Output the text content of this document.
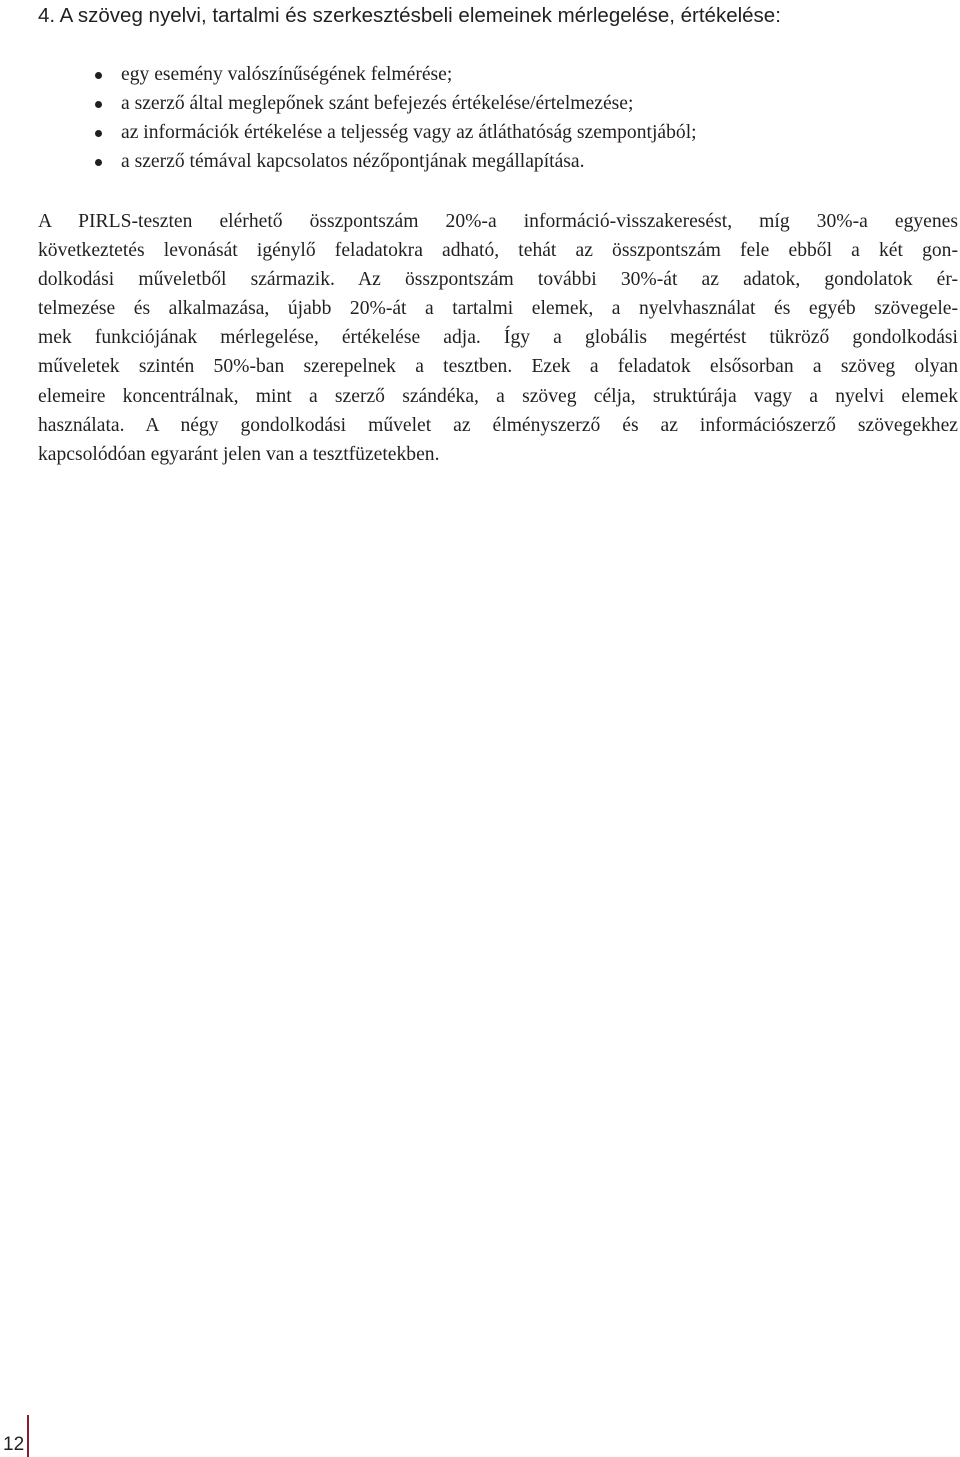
4. A szöveg nyelvi, tartalmi és szerkesztésbeli elemeinek mérlegelése, értékelése:
egy esemény valószínűségének felmérése;
a szerző által meglepőnek szánt befejezés értékelése/értelmezése;
az információk értékelése a teljesség vagy az átláthatóság szempontjából;
a szerző témával kapcsolatos nézőpontjának megállapítása.

A PIRLS-teszten elérhető összpontszám 20%-a információ-visszakeresést, míg 30%-a egyenes
következtetés levonását igénylő feladatokra adható, tehát az összpontszám fele ebből a két gon-
dolkodási műveletből származik. Az összpontszám további 30%-át az adatok, gondolatok ér-
telmezése és alkalmazása, újabb 20%-át a tartalmi elemek, a nyelvhasználat és egyéb szövegele-
mek funkciójának mérlegelése, értékelése adja. Így a globális megértést tükröző gondolkodási
műveletek szintén 50%-ban szerepelnek a tesztben. Ezek a feladatok elsősorban a szöveg olyan
elemeire koncentrálnak, mint a szerző szándéka, a szöveg célja, struktúrája vagy a nyelvi elemek
használata. A négy gondolkodási művelet az élményszerző és az információszerző szövegekhez
kapcsolódóan egyaránt jelen van a tesztfüzetekben.

12
